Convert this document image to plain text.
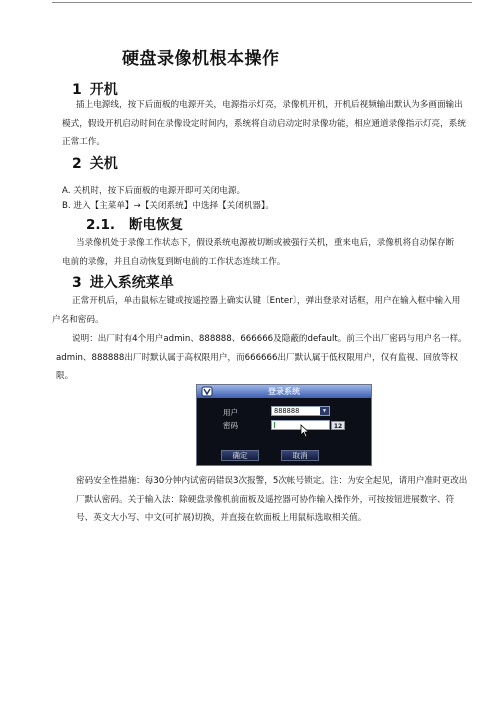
硬盘录像机根本操作
1 开机

插上电源线，按下后面板的电源开关，电源指示灯亮，录像机开机，开机后视频输出默认为多画面输出模式，假设开机启动时间在录像设定时间内，系统将自动启动定时录像功能，相应通道录像指示灯亮，系统正常工作。

2 关机
A. 关机时，按下后面板的电源开即可关闭电源。
B. 进入【主菜单】→【关闭系统】中选择【关闭机器】。
2.1. 断电恢复

当录像机处于录像工作状态下，假设系统电源被切断或被强行关机，重来电后，录像机将自动保存断电前的录像，并且自动恢复到断电前的工作状态连续工作。

3 进入系统菜单

正常开机后，单击鼠标左键或按遥控器上确实认键〔Enter〕，弹出登录对话框，用户在输入框中输入用户名和密码。

说明：出厂时有4个用户admin、888888、666666及隐蔽的default。前三个出厂密码与用户名一样。admin、888888出厂时默认属于高权限用户，而666666出厂默认属于低权限用户，仅有监视、回放等权限。

登录系统
用户	888888	▼
密码	12
确定	取消

密码安全性措施：每30分钟内试密码错误3次报警，5次帐号锁定。注：为安全起见，请用户准时更改出厂默认密码。关于输入法：除硬盘录像机前面板及遥控器可协作输入操作外，可按按钮进展数字、符号、英文大小写、中文(可扩展)切换，并直接在软面板上用鼠标选取相关值。
